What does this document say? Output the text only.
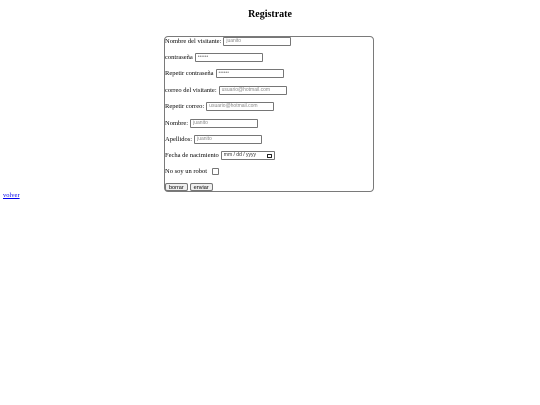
Registrate
Nombre del visitante:	juanito
contraseña	••••••
Repetir contraseña	••••••
correo del visitante:	usuario@hotmail.com
Repetir correo:	usuario@hotmail.com
Nombre:	juanito
Apellidos:	juanito
Fecha de nacimiento mm / dd / yyyy
No soy un robot
borrar	enviar
volver
